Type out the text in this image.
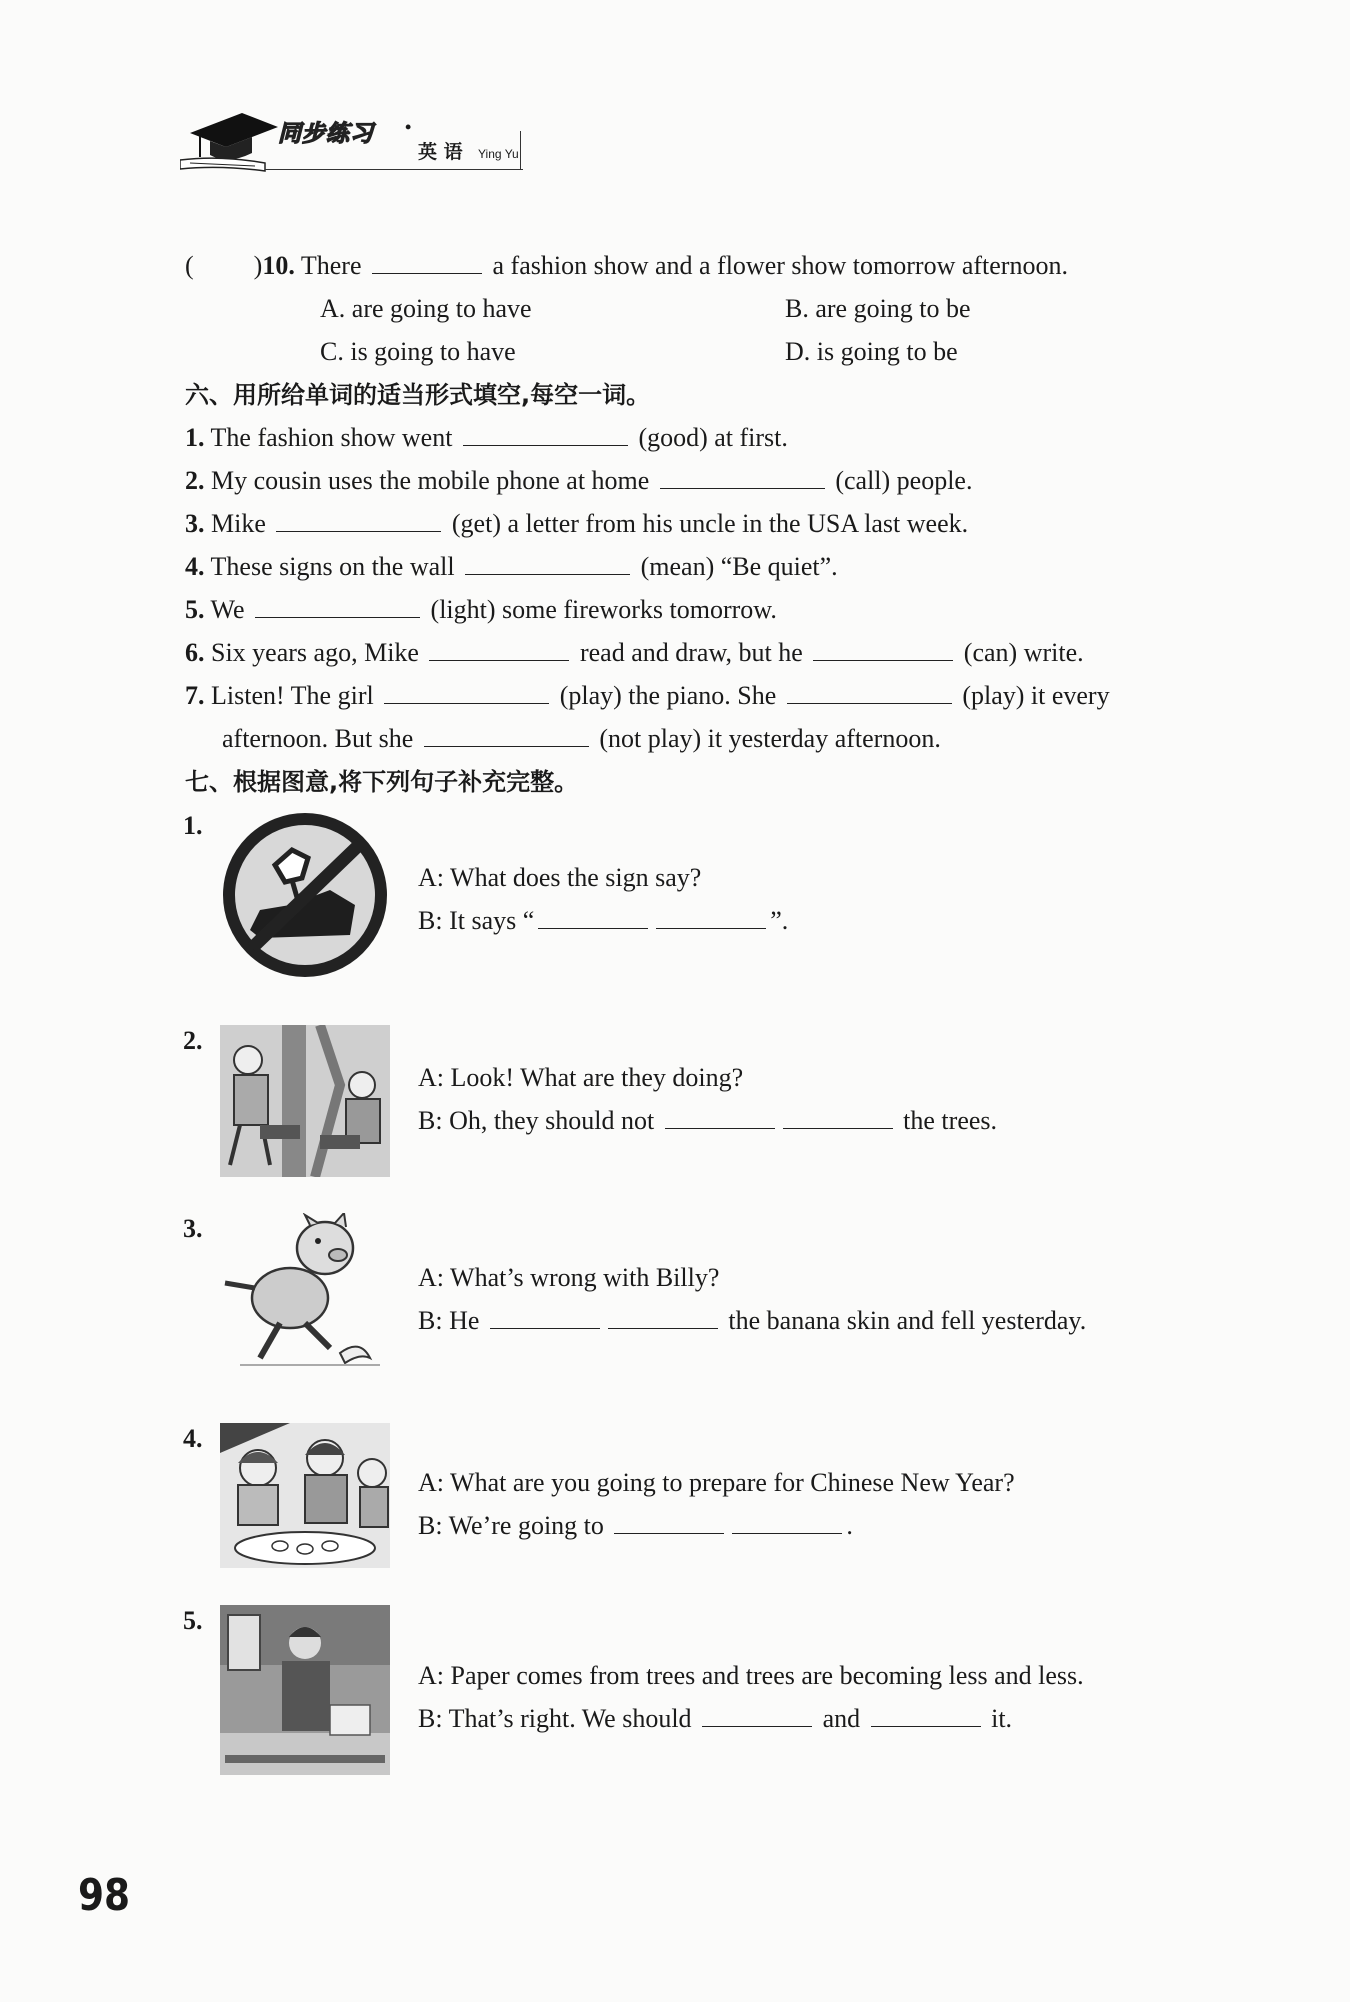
同步练习 •
英 语 Ying Yu
( )10. There	a fashion show and a flower show tomorrow afternoon.
A. are going to have	B. are going to be
C. is going to have	D. is going to be
六、用所给单词的适当形式填空,每空一词。
1. The fashion show went	(good) at first.
2. My cousin uses the mobile phone at home	(call) people.
3. Mike	(get) a letter from his uncle in the USA last week.
4. These signs on the wall	(mean) “Be quiet”.
5. We	(light) some fireworks tomorrow.
6. Six years ago, Mike	read and draw, but he	(can) write.
7. Listen! The girl	(play) the piano. She	(play) it every
afternoon. But she	(not play) it yesterday afternoon.
七、根据图意,将下列句子补充完整。
1.
A: What does the sign say?
B: It says “	”.
2.
A: Look! What are they doing?
B: Oh, they should not	the trees.
3.
A: What’s wrong with Billy?
B: He	the banana skin and fell yesterday.
4.
A: What are you going to prepare for Chinese New Year?
B: We’re going to	.
5.
A: Paper comes from trees and trees are becoming less and less.
B: That’s right. We should	and	it.
98
